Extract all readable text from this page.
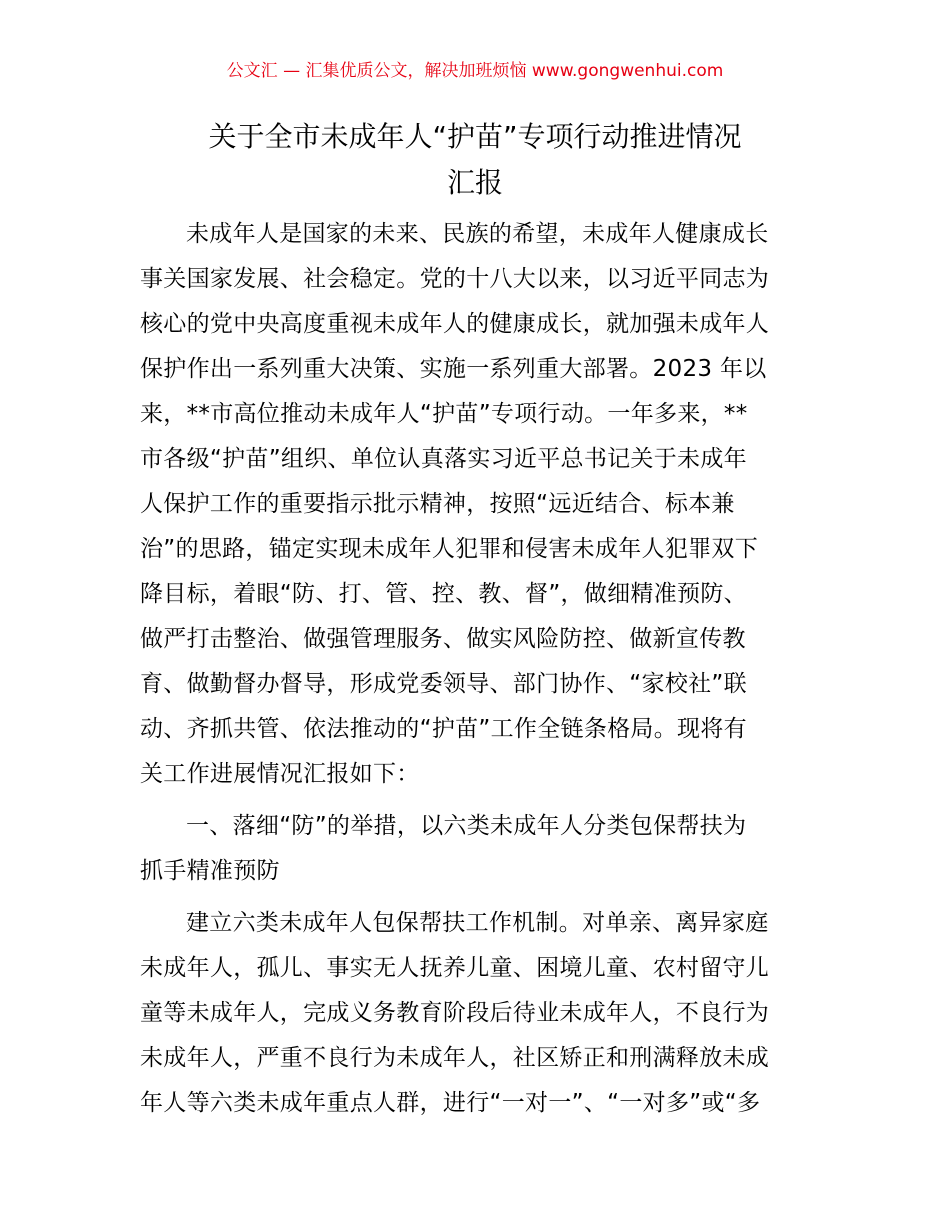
公文汇 — 汇集优质公文，解决加班烦恼 www.gongwenhui.com
关于全市未成年人“护苗”专项行动推进情况
汇报

未成年人是国家的未来、民族的希望，未成年人健康成长
事关国家发展、社会稳定。党的十八大以来，以习近平同志为
核心的党中央高度重视未成年人的健康成长，就加强未成年人
保护作出一系列重大决策、实施一系列重大部署。2023 年以
来，**市高位推动未成年人“护苗”专项行动。一年多来，**
市各级“护苗”组织、单位认真落实习近平总书记关于未成年
人保护工作的重要指示批示精神，按照“远近结合、标本兼
治”的思路，锚定实现未成年人犯罪和侵害未成年人犯罪双下
降目标，着眼“防、打、管、控、教、督”，做细精准预防、
做严打击整治、做强管理服务、做实风险防控、做新宣传教
育、做勤督办督导，形成党委领导、部门协作、“家校社”联
动、齐抓共管、依法推动的“护苗”工作全链条格局。现将有
关工作进展情况汇报如下：

一、落细“防”的举措，以六类未成年人分类包保帮扶为
抓手精准预防

建立六类未成年人包保帮扶工作机制。对单亲、离异家庭
未成年人，孤儿、事实无人抚养儿童、困境儿童、农村留守儿
童等未成年人，完成义务教育阶段后待业未成年人，不良行为
未成年人，严重不良行为未成年人，社区矫正和刑满释放未成
年人等六类未成年重点人群，进行“一对一”、“一对多”或“多
